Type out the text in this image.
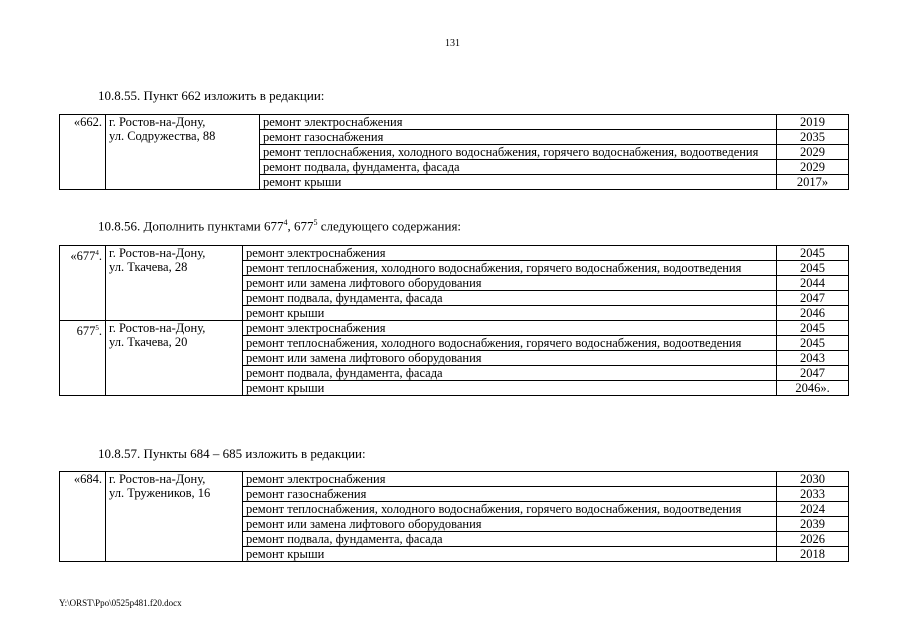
131
10.8.55. Пункт 662 изложить в редакции:
«662.	г. Ростов-на-Дону,
ул. Содружества, 88	ремонт электроснабжения	2019
		ремонт газоснабжения	2035
		ремонт теплоснабжения, холодного водоснабжения, горячего водоснабжения, водоотведения	2029
		ремонт подвала, фундамента, фасада	2029
		ремонт крыши	2017»
10.8.56. Дополнить пунктами $677^4$, $677^5$ следующего содержания:
«$677^4$.	г. Ростов-на-Дону,
ул. Ткачева, 28	ремонт электроснабжения	2045
		ремонт теплоснабжения, холодного водоснабжения, горячего водоснабжения, водоотведения	2045
		ремонт или замена лифтового оборудования	2044
		ремонт подвала, фундамента, фасада	2047
		ремонт крыши	2046
$677^5$.	г. Ростов-на-Дону,
ул. Ткачева, 20	ремонт электроснабжения	2045
		ремонт теплоснабжения, холодного водоснабжения, горячего водоснабжения, водоотведения	2045
		ремонт или замена лифтового оборудования	2043
		ремонт подвала, фундамента, фасада	2047
		ремонт крыши	2046».
10.8.57. Пункты 684 – 685 изложить в редакции:
«684.	г. Ростов-на-Дону,
ул. Тружеников, 16	ремонт электроснабжения	2030
		ремонт газоснабжения	2033
		ремонт теплоснабжения, холодного водоснабжения, горячего водоснабжения, водоотведения	2024
		ремонт или замена лифтового оборудования	2039
		ремонт подвала, фундамента, фасада	2026
		ремонт крыши	2018
Y:\ORST\Ppo\0525p481.f20.docx
